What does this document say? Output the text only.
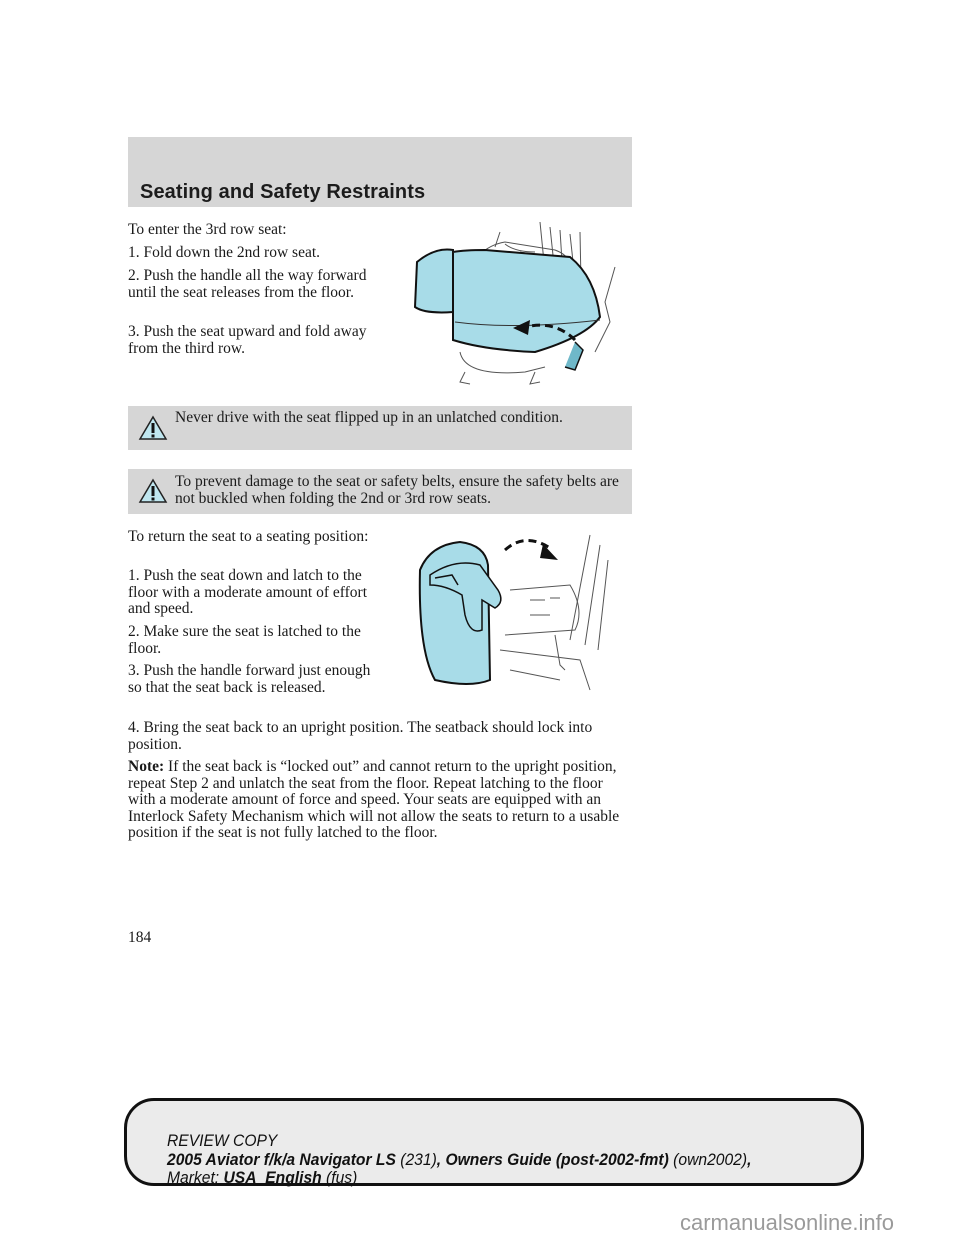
Seating and Safety Restraints

To enter the 3rd row seat:

1. Fold down the 2nd row seat.

2. Push the handle all the way forward until the seat releases from the floor.

3. Push the seat upward and fold away from the third row.

Never drive with the seat flipped up in an unlatched condition.
To prevent damage to the seat or safety belts, ensure the safety belts are not buckled when folding the 2nd or 3rd row seats.

To return the seat to a seating position:

1. Push the seat down and latch to the floor with a moderate amount of effort and speed.

2. Make sure the seat is latched to the floor.

3. Push the handle forward just enough so that the seat back is released.

4. Bring the seat back to an upright position. The seatback should lock into position.

Note: If the seat back is “locked out” and cannot return to the upright position, repeat Step 2 and unlatch the seat from the floor. Repeat latching to the floor with a moderate amount of force and speed. Your seats are equipped with an Interlock Safety Mechanism which will not allow the seats to return to a usable position if the seat is not fully latched to the floor.

184
REVIEW COPY
2005 Aviator f/k/a Navigator LS (231), Owners Guide (post-2002-fmt) (own2002),
Market: USA_English (fus)
carmanualsonline.info
